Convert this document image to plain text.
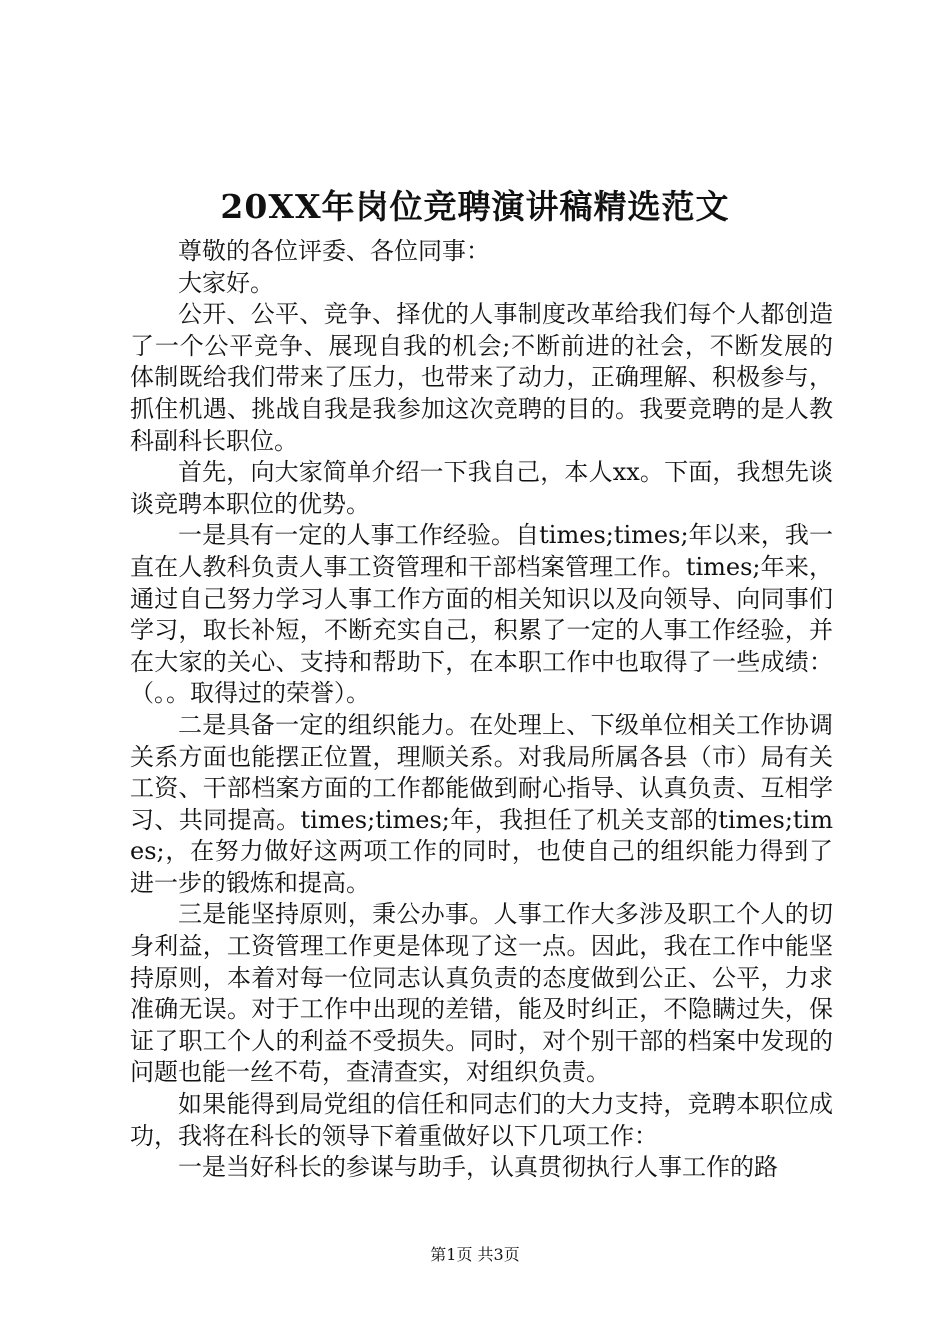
20XX年岗位竞聘演讲稿精选范文

尊敬的各位评委、各位同事：

大家好。

公开、公平、竞争、择优的人事制度改革给我们每个人都创造了一个公平竞争、展现自我的机会;不断前进的社会，不断发展的体制既给我们带来了压力，也带来了动力，正确理解、积极参与，抓住机遇、挑战自我是我参加这次竞聘的目的。我要竞聘的是人教科副科长职位。

首先，向大家简单介绍一下我自己，本人xx。下面，我想先谈谈竞聘本职位的优势。

一是具有一定的人事工作经验。自times;times;年以来，我一直在人教科负责人事工资管理和干部档案管理工作。times;年来，通过自己努力学习人事工作方面的相关知识以及向领导、向同事们学习，取长补短，不断充实自己，积累了一定的人事工作经验，并在大家的关心、支持和帮助下，在本职工作中也取得了一些成绩：（。。取得过的荣誉）。

二是具备一定的组织能力。在处理上、下级单位相关工作协调关系方面也能摆正位置，理顺关系。对我局所属各县（市）局有关工资、干部档案方面的工作都能做到耐心指导、认真负责、互相学习、共同提高。times;times;年，我担任了机关支部的times;times;，在努力做好这两项工作的同时，也使自己的组织能力得到了进一步的锻炼和提高。

三是能坚持原则，秉公办事。人事工作大多涉及职工个人的切身利益，工资管理工作更是体现了这一点。因此，我在工作中能坚持原则，本着对每一位同志认真负责的态度做到公正、公平，力求准确无误。对于工作中出现的差错，能及时纠正，不隐瞒过失，保证了职工个人的利益不受损失。同时，对个别干部的档案中发现的问题也能一丝不苟，查清查实，对组织负责。

如果能得到局党组的信任和同志们的大力支持，竞聘本职位成功，我将在科长的领导下着重做好以下几项工作：

一是当好科长的参谋与助手，认真贯彻执行人事工作的路

第1页 共3页
